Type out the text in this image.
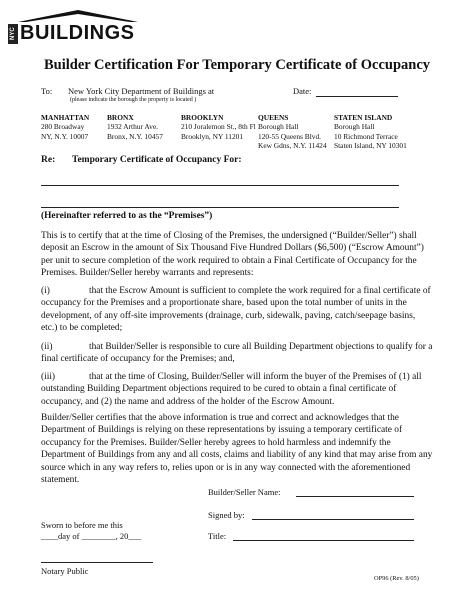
NYC BUILDINGS
Builder Certification For Temporary Certificate of Occupancy
To: New York City Department of Buildings at
(please indicate the borough the property is located )
Date:
MANHATTAN
280 Broadway
NY, N.Y. 10007
BRONX
1932 Arthur Ave.
Bronx, N.Y. 10457
BROOKLYN
210 Joralemon St., 8th Fl
Brooklyn, NY 11201
QUEENS
Borough Hall
120-55 Queens Blvd.
Kew Gdns, N.Y. 11424
STATEN ISLAND
Borough Hall
10 Richmond Terrace
Staten Island, NY 10301
Re: Temporary Certificate of Occupancy For:
(Hereinafter referred to as the “Premises”)
This is to certify that at the time of Closing of the Premises, the undersigned (“Builder/Seller”) shall deposit an Escrow in the amount of Six Thousand Five Hundred Dollars ($6,500) (“Escrow Amount”) per unit to secure completion of the work required to obtain a Final Certificate of Occupancy for the Premises. Builder/Seller hereby warrants and represents:
(i)	that the Escrow Amount is sufficient to complete the work required for a final certificate of occupancy for the Premises and a proportionate share, based upon the total number of units in the development, of any off-site improvements (drainage, curb, sidewalk, paving, catch/seepage basins, etc.) to be completed;
(ii)	that Builder/Seller is responsible to cure all Building Department objections to qualify for a final certificate of occupancy for the Premises; and,
(iii)	that at the time of Closing, Builder/Seller will inform the buyer of the Premises of (1) all outstanding Building Department objections required to be cured to obtain a final certificate of occupancy, and (2) the name and address of the holder of the Escrow Amount.
Builder/Seller certifies that the above information is true and correct and acknowledges that the Department of Buildings is relying on these representations by issuing a temporary certificate of occupancy for the Premises. Builder/Seller hereby agrees to hold harmless and indemnify the Department of Buildings from any and all costs, claims and liability of any kind that may arise from any source which in any way refers to, relies upon or is in any way connected with the aforementioned statement.
Builder/Seller Name:
Signed by:
Sworn to before me this
____day of ________, 20___	Title:
Notary Public
OP96 (Rev. 8/05)
